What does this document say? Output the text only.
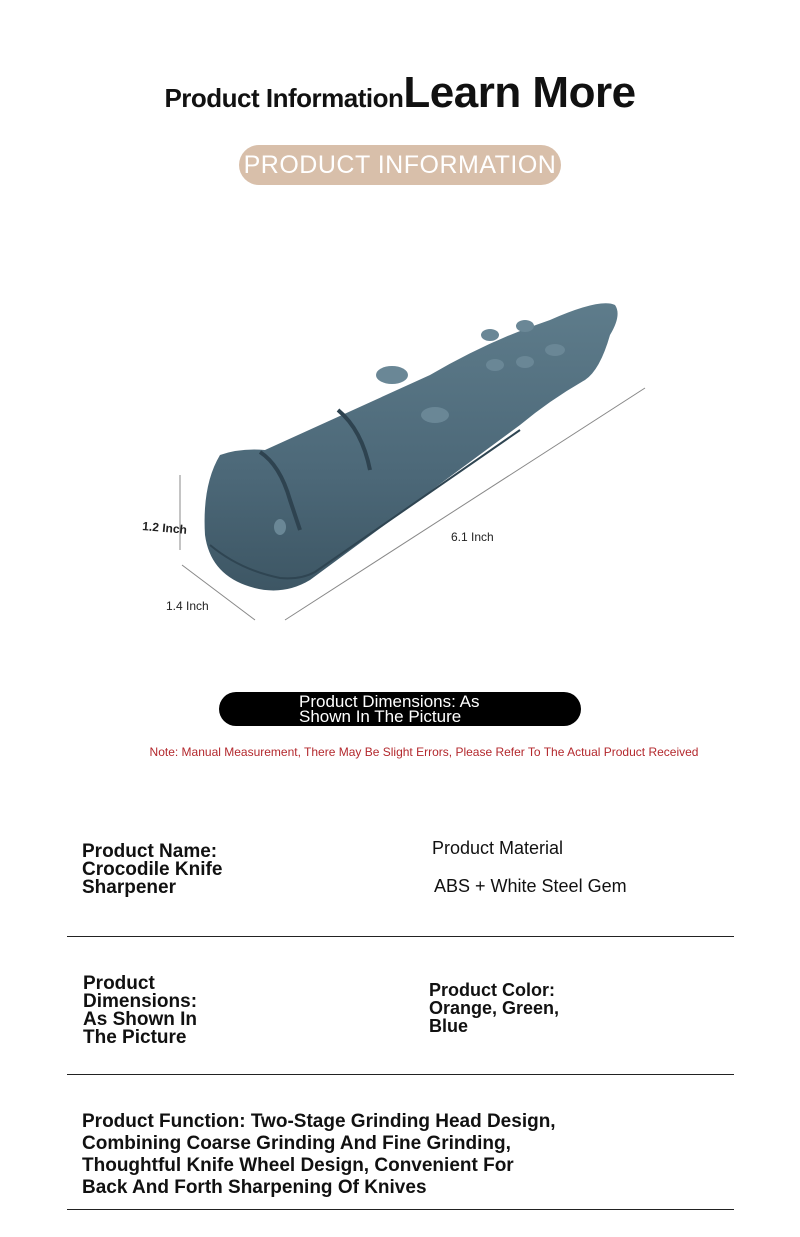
Product InformationLearn More
PRODUCT INFORMATION
1.2 Inch
1.4 Inch
6.1 Inch
Product Dimensions: As Shown In The Picture
Note: Manual Measurement, There May Be Slight Errors, Please Refer To The Actual Product Received
Product Name: Crocodile Knife Sharpener
Product Material
ABS + White Steel Gem
Product Dimensions: As Shown In The Picture
Product Color: Orange, Green, Blue
Product Function: Two-Stage Grinding Head Design, Combining Coarse Grinding And Fine Grinding, Thoughtful Knife Wheel Design, Convenient For Back And Forth Sharpening Of Knives
